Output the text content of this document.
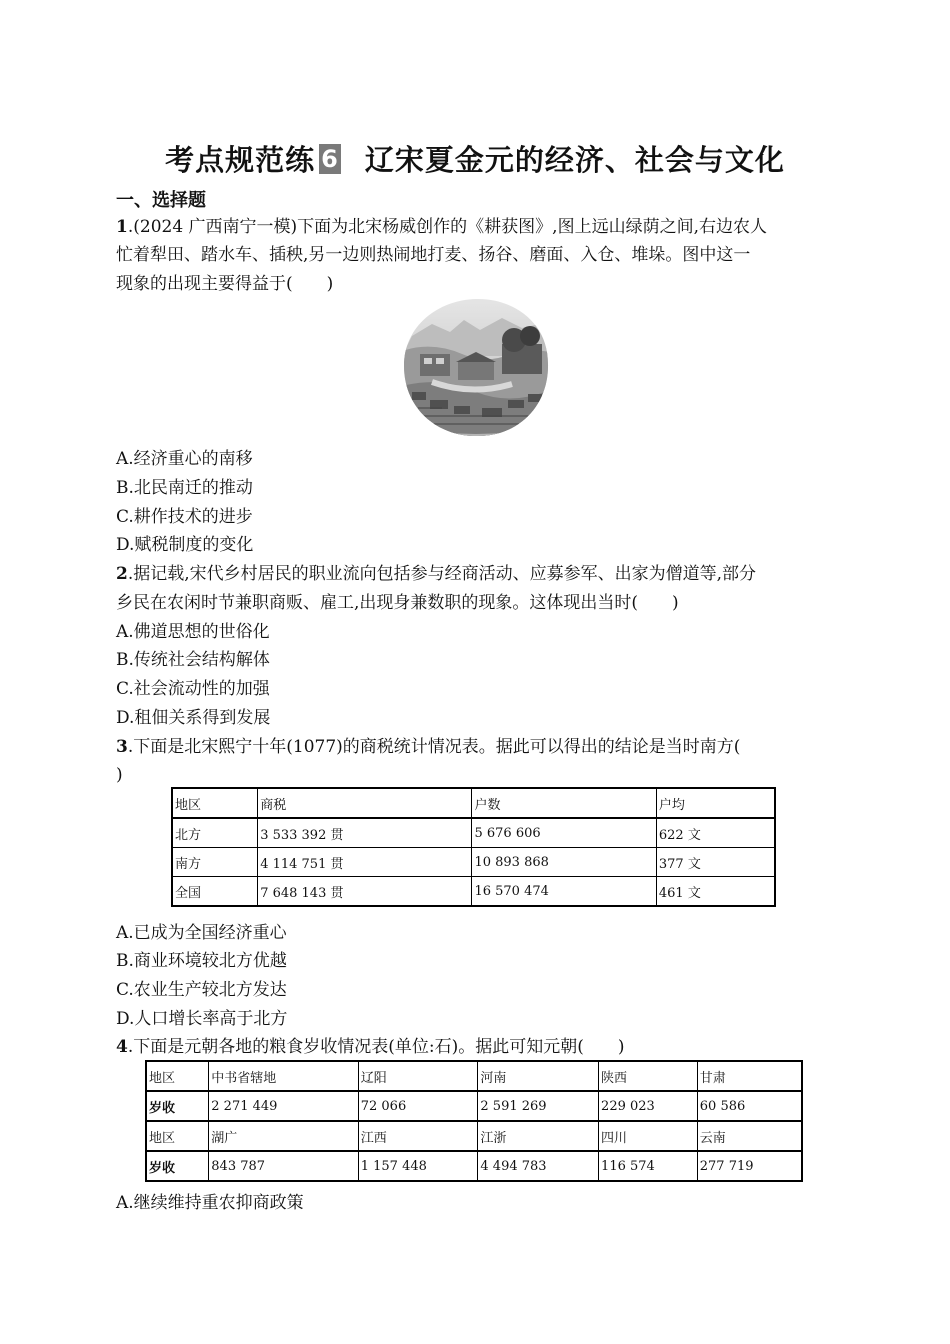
考点规范练 6 辽宋夏金元的经济、社会与文化
一、选择题
1.(2024 广西南宁一模)下面为北宋杨威创作的《耕获图》,图上远山绿荫之间,右边农人
忙着犁田、踏水车、插秧,另一边则热闹地打麦、扬谷、磨面、入仓、堆垛。图中这一
现象的出现主要得益于(　　)
A.经济重心的南移
B.北民南迁的推动
C.耕作技术的进步
D.赋税制度的变化
2.据记载,宋代乡村居民的职业流向包括参与经商活动、应募参军、出家为僧道等,部分
乡民在农闲时节兼职商贩、雇工,出现身兼数职的现象。这体现出当时(　　)
A.佛道思想的世俗化
B.传统社会结构解体
C.社会流动性的加强
D.租佃关系得到发展
3.下面是北宋熙宁十年(1077)的商税统计情况表。据此可以得出的结论是当时南方(
)
地区	商税	户数	户均
北方	3 533 392 贯	5 676 606	622 文
南方	4 114 751 贯	10 893 868	377 文
全国	7 648 143 贯	16 570 474	461 文
A.已成为全国经济重心
B.商业环境较北方优越
C.农业生产较北方发达
D.人口增长率高于北方
4.下面是元朝各地的粮食岁收情况表(单位:石)。据此可知元朝(　　)
地区	中书省辖地	辽阳	河南	陕西	甘肃
岁收	2 271 449	72 066	2 591 269	229 023	60 586
地区	湖广	江西	江浙	四川	云南
岁收	843 787	1 157 448	4 494 783	116 574	277 719
A.继续维持重农抑商政策
